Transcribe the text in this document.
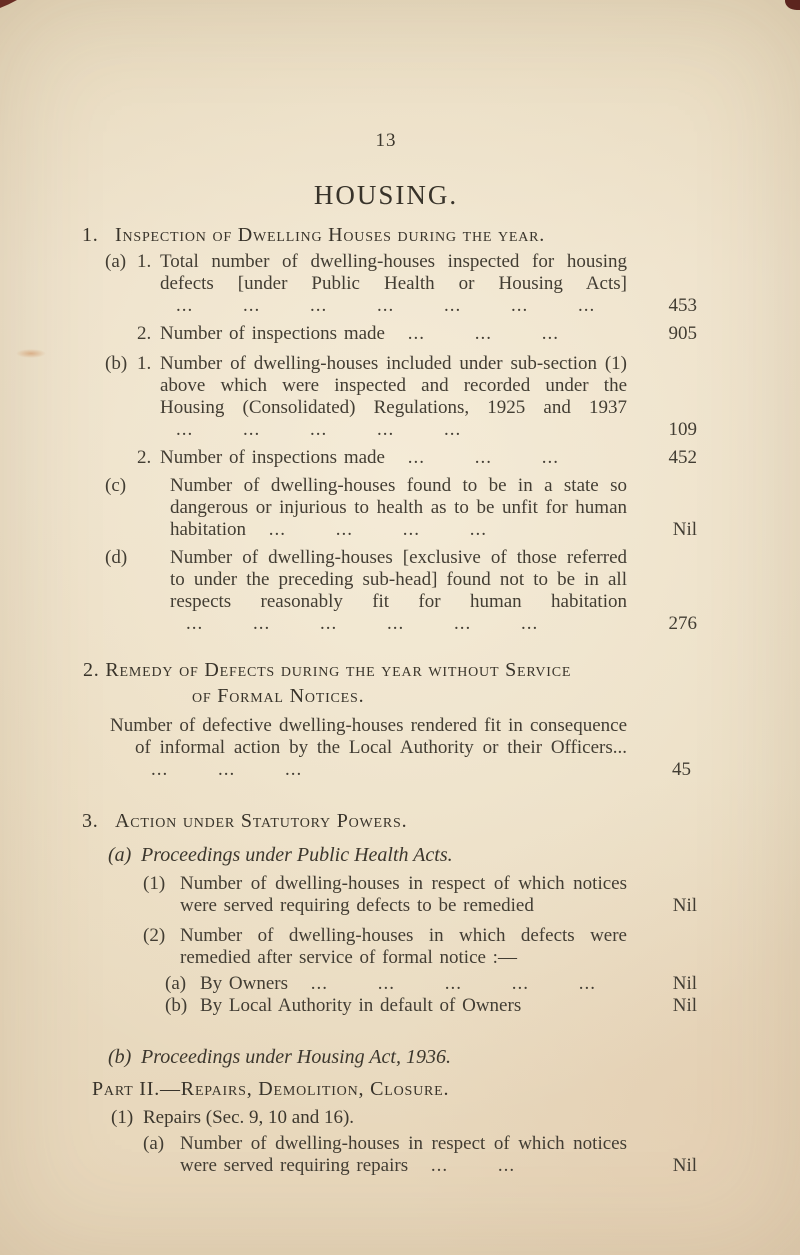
13
HOUSING.
1. Inspection of Dwelling Houses during the year.
(a) 1. Total number of dwelling-houses inspected for housing defects [under Public Health or Housing Acts] ... ... ... ... ... ... ...	453
2. Number of inspections made ... ... ...	905
(b) 1. Number of dwelling-houses included under sub-section (1) above which were inspected and recorded under the Housing (Consolidated) Regulations, 1925 and 1937 ... ... ... ... ...	109
2. Number of inspections made ... ... ...	452
(c) Number of dwelling-houses found to be in a state so dangerous or injurious to health as to be unfit for human habitation ... ... ... ...	Nil
(d) Number of dwelling-houses [exclusive of those referred to under the preceding sub-head] found not to be in all respects reasonably fit for human habitation ... ... ... ... ... ...	276
2. Remedy of Defects during the year without Service
of Formal Notices.
Number of defective dwelling-houses rendered fit in consequence of informal action by the Local Authority or their Officers... ... ... ...	45
3. Action under Statutory Powers.
(a) Proceedings under Public Health Acts.
(1) Number of dwelling-houses in respect of which notices were served requiring defects to be remedied	Nil
(2) Number of dwelling-houses in which defects were remedied after service of formal notice :—
(a) By Owners ... ... ... ... ...	Nil
(b) By Local Authority in default of Owners	Nil
(b) Proceedings under Housing Act, 1936.
Part II.—Repairs, Demolition, Closure.
(1) Repairs (Sec. 9, 10 and 16).
(a) Number of dwelling-houses in respect of which notices were served requiring repairs ... ...	Nil
